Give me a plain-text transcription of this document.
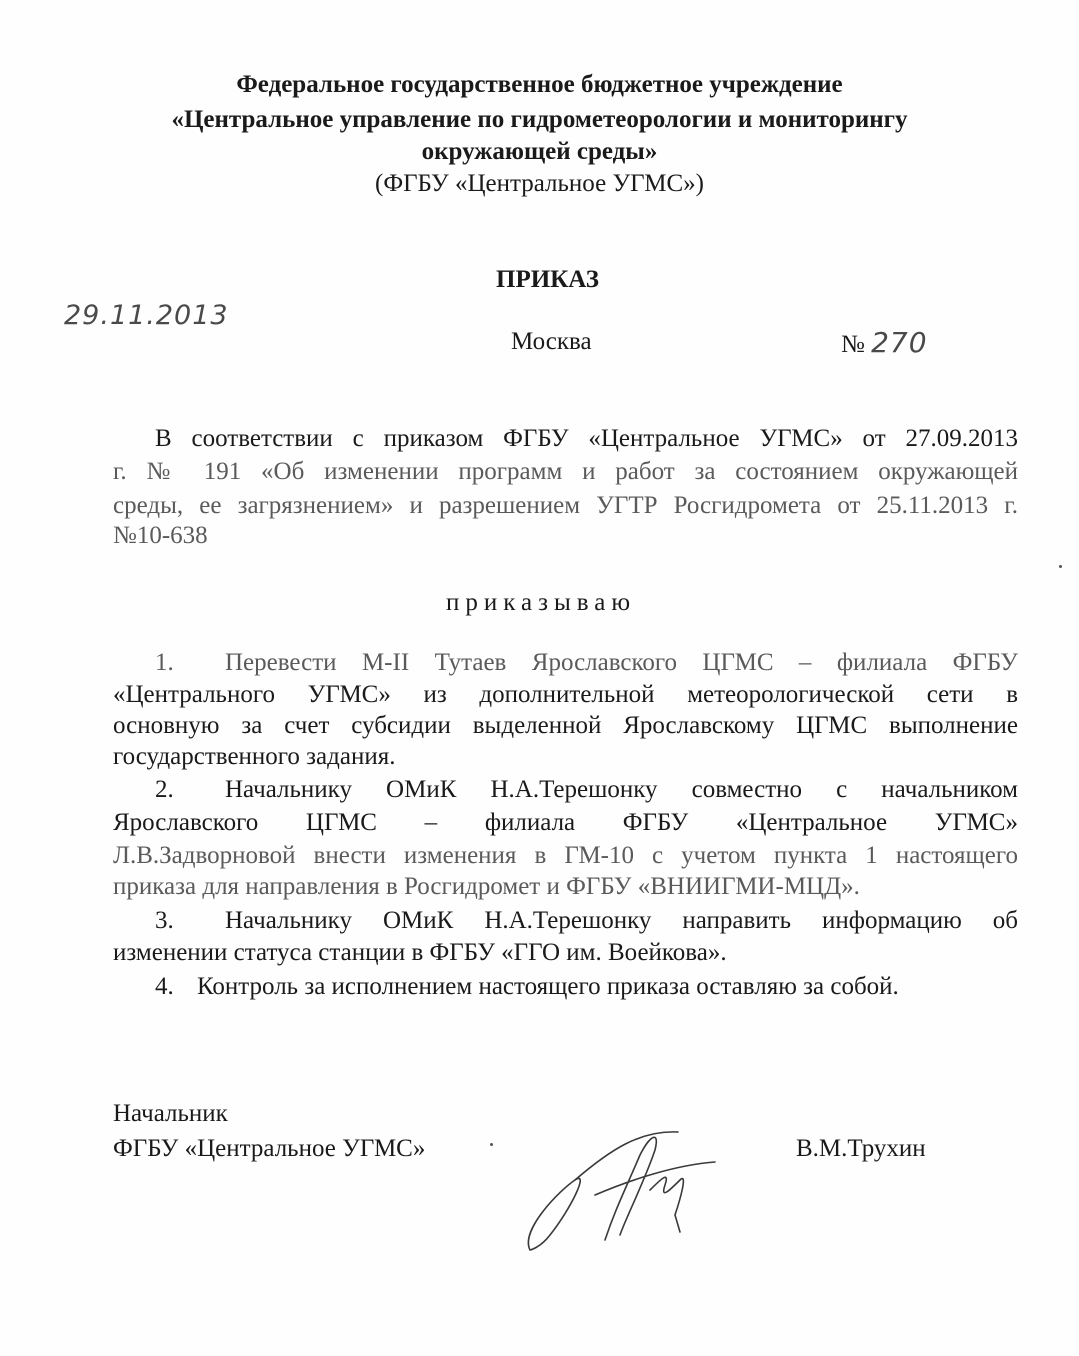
Федеральное государственное бюджетное учреждение
«Центральное управление по гидрометеорологии и мониторингу
окружающей среды»
(ФГБУ «Центральное УГМС»)
ПРИКАЗ
29.11.2013
Москва	№ 270
В соответствии с приказом ФГБУ «Центральное УГМС» от 27.09.2013
г. № 191 «Об изменении программ и работ за состоянием окружающей
среды, ее загрязнением» и разрешением УГТР Росгидромета от 25.11.2013 г.
№10-638
приказываю
1. Перевести М-II Тутаев Ярославского ЦГМС – филиала ФГБУ
«Центрального УГМС» из дополнительной метеорологической сети в
основную за счет субсидии выделенной Ярославскому ЦГМС выполнение
государственного задания.
2. Начальнику ОМиК Н.А.Терешонку совместно с начальником
Ярославского ЦГМС – филиала ФГБУ «Центральное УГМС»
Л.В.Задворновой внести изменения в ГМ-10 с учетом пункта 1 настоящего
приказа для направления в Росгидромет и ФГБУ «ВНИИГМИ-МЦД».
3. Начальнику ОМиК Н.А.Терешонку направить информацию об
изменении статуса станции в ФГБУ «ГГО им. Воейкова».
4. Контроль за исполнением настоящего приказа оставляю за собой.
Начальник
ФГБУ «Центральное УГМС»	В.М.Трухин
